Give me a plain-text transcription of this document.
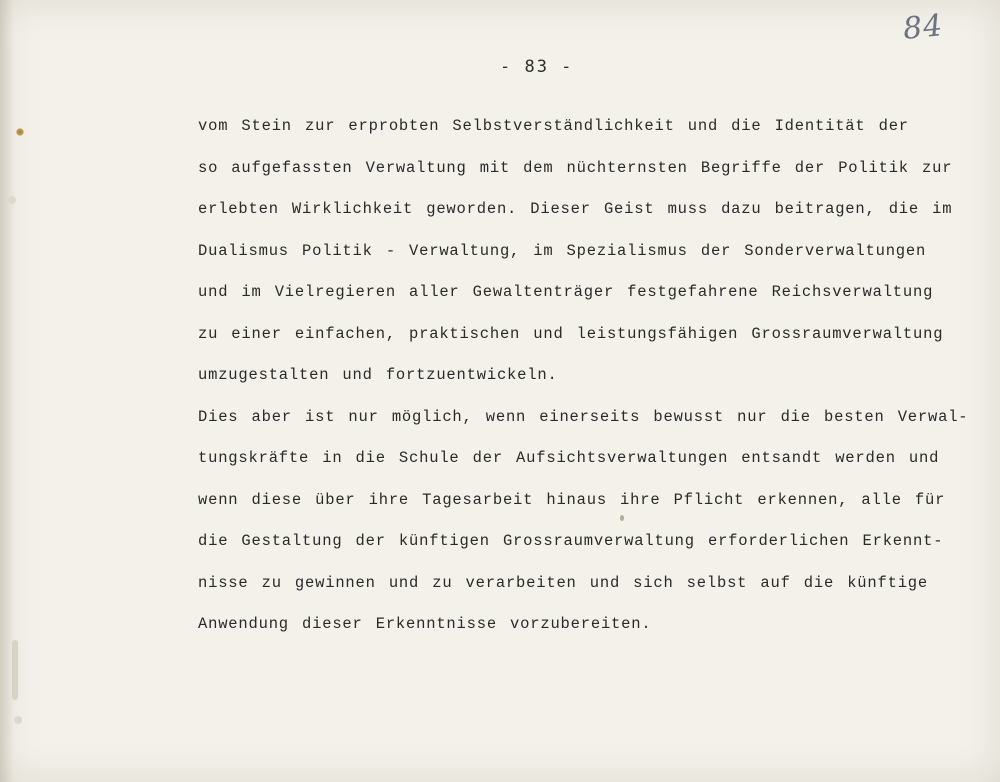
84
- 83 -
vom Stein zur erprobten Selbstverständlichkeit und die Identität der
so aufgefassten Verwaltung mit dem nüchternsten Begriffe der Politik zur
erlebten Wirklichkeit geworden. Dieser Geist muss dazu beitragen, die im
Dualismus Politik - Verwaltung, im Spezialismus der Sonderverwaltungen
und im Vielregieren aller Gewaltenträger festgefahrene Reichsverwaltung
zu einer einfachen, praktischen und leistungsfähigen Grossraumverwaltung
umzugestalten und fortzuentwickeln.
Dies aber ist nur möglich, wenn einerseits bewusst nur die besten Verwal-
tungskräfte in die Schule der Aufsichtsverwaltungen entsandt werden und
wenn diese über ihre Tagesarbeit hinaus ihre Pflicht erkennen, alle für
die Gestaltung der künftigen Grossraumverwaltung erforderlichen Erkennt-
nisse zu gewinnen und zu verarbeiten und sich selbst auf die künftige
Anwendung dieser Erkenntnisse vorzubereiten.
